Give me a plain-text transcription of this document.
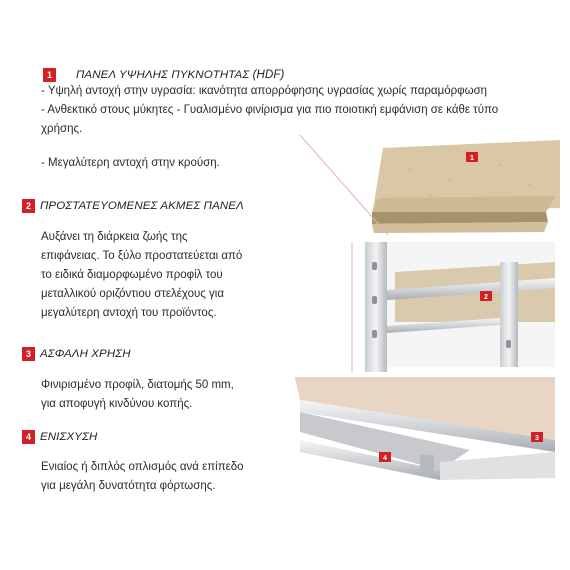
1
2
3
4
1	ΠΑΝΕΛ ΥΨΗΛΗΣ ΠΥΚΝΟΤΗΤΑΣ (HDF)

- Υψηλή αντοχή στην υγρασία: ικανότητα απορρόφησης υγρασίας χωρίς παραμόρφωση

- Ανθεκτικό στους μύκητες - Γυαλισμένο φινίρισμα για πιο ποιοτική εμφάνιση σε κάθε τύπο

χρήσης.

- Μεγαλύτερη αντοχή στην κρούση.

2 ΠΡΟΣΤΑΤΕΥΟΜΕΝΕΣ ΑΚΜΕΣ ΠΑΝΕΛ

Αυξάνει τη διάρκεια ζωής της

επιφάνειας. Το ξύλο προστατεύεται από

το ειδικά διαμορφωμένο προφίλ του

μεταλλικού οριζόντιου στελέχους για

μεγαλύτερη αντοχή του προϊόντος.

3 ΑΣΦΑΛΗ ΧΡΗΣΗ

Φινιρισμένο προφίλ, διατομής 50 mm,

για αποφυγή κινδύνου κοπής.

4 ΕΝΙΣΧΥΣΗ

Ενιαίος ή διπλός οπλισμός ανά επίπεδο

για μεγάλη δυνατότητα φόρτωσης.
